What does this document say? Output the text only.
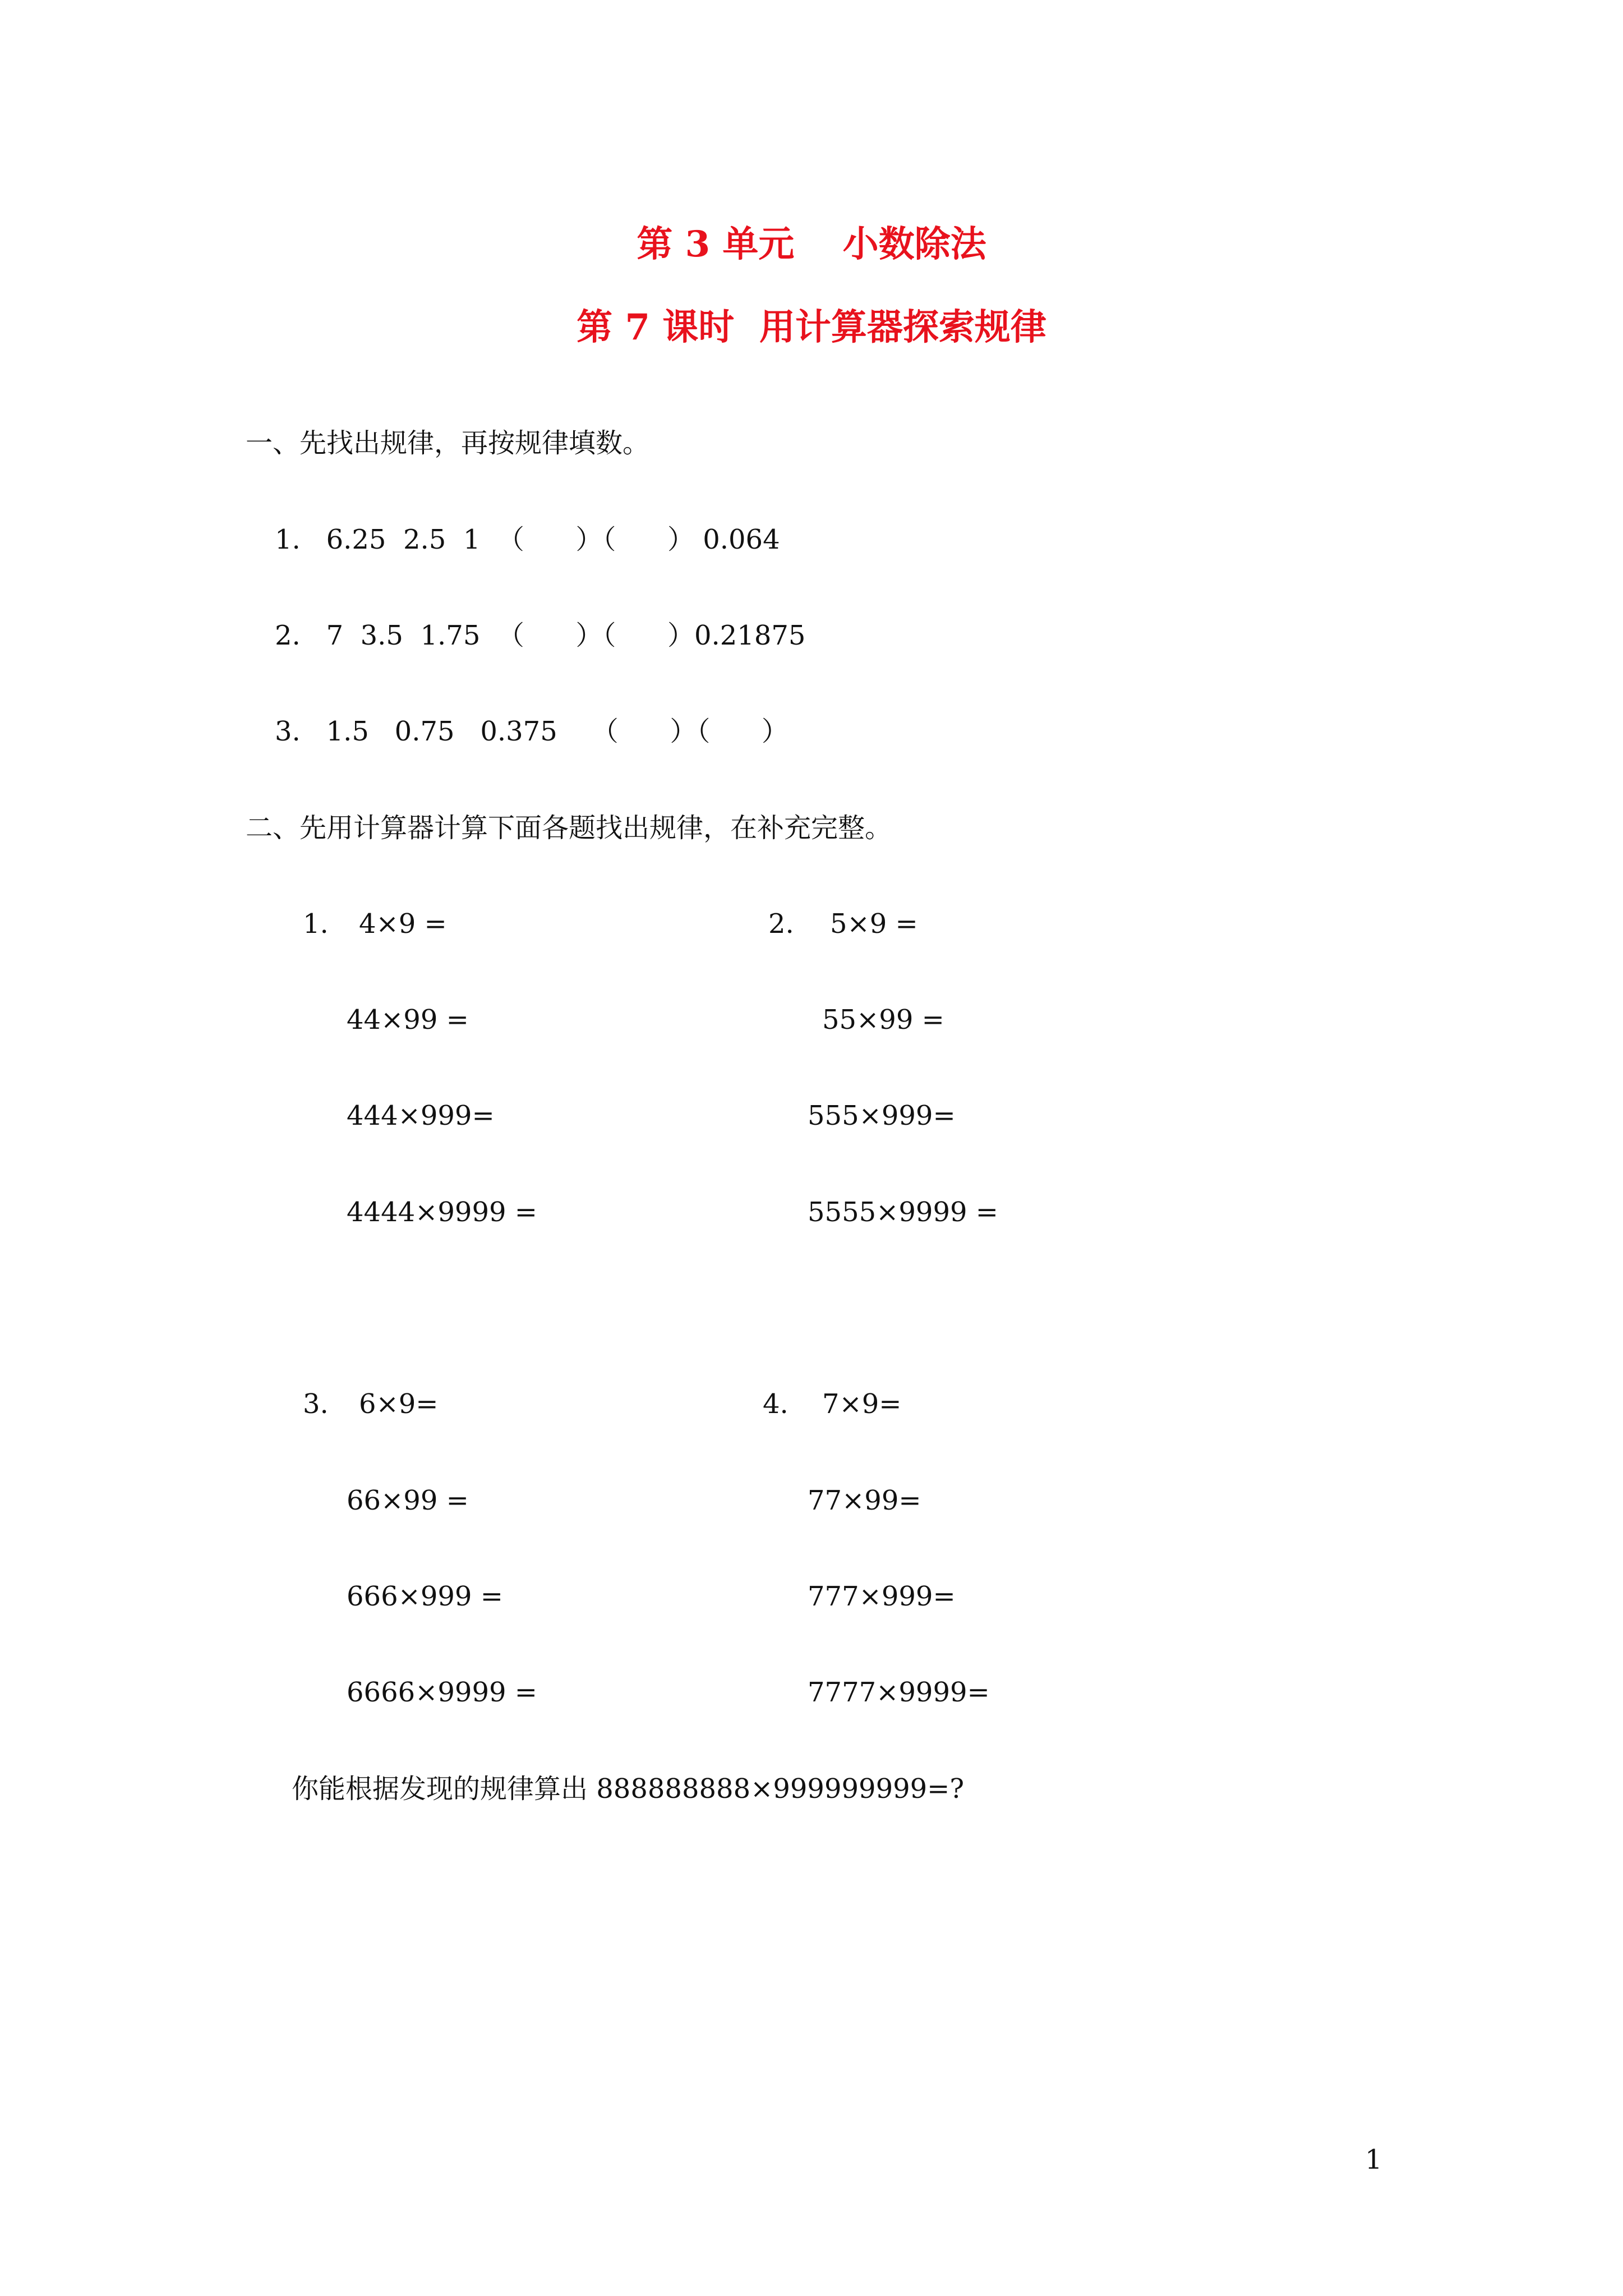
第 3 单元　 小数除法
第 7 课时  用计算器探索规律
一、先找出规律，再按规律填数。
1.   6.25  2.5  1  （      ）（      ） 0.064
2.   7  3.5  1.75  （      ）（      ）0.21875
3.   1.5   0.75   0.375    （      ）（      ）
二、先用计算器计算下面各题找出规律，在补充完整。
1. 4×9 =	2. 5×9 =
44×99 =	55×99 =
444×999=	555×999=
4444×9999 =	5555×9999 =
3. 6×9=	4. 7×9=
66×99 =	77×99=
666×999 =	777×999=
6666×9999 =	7777×9999=
你能根据发现的规律算出 888888888×999999999=?
1
